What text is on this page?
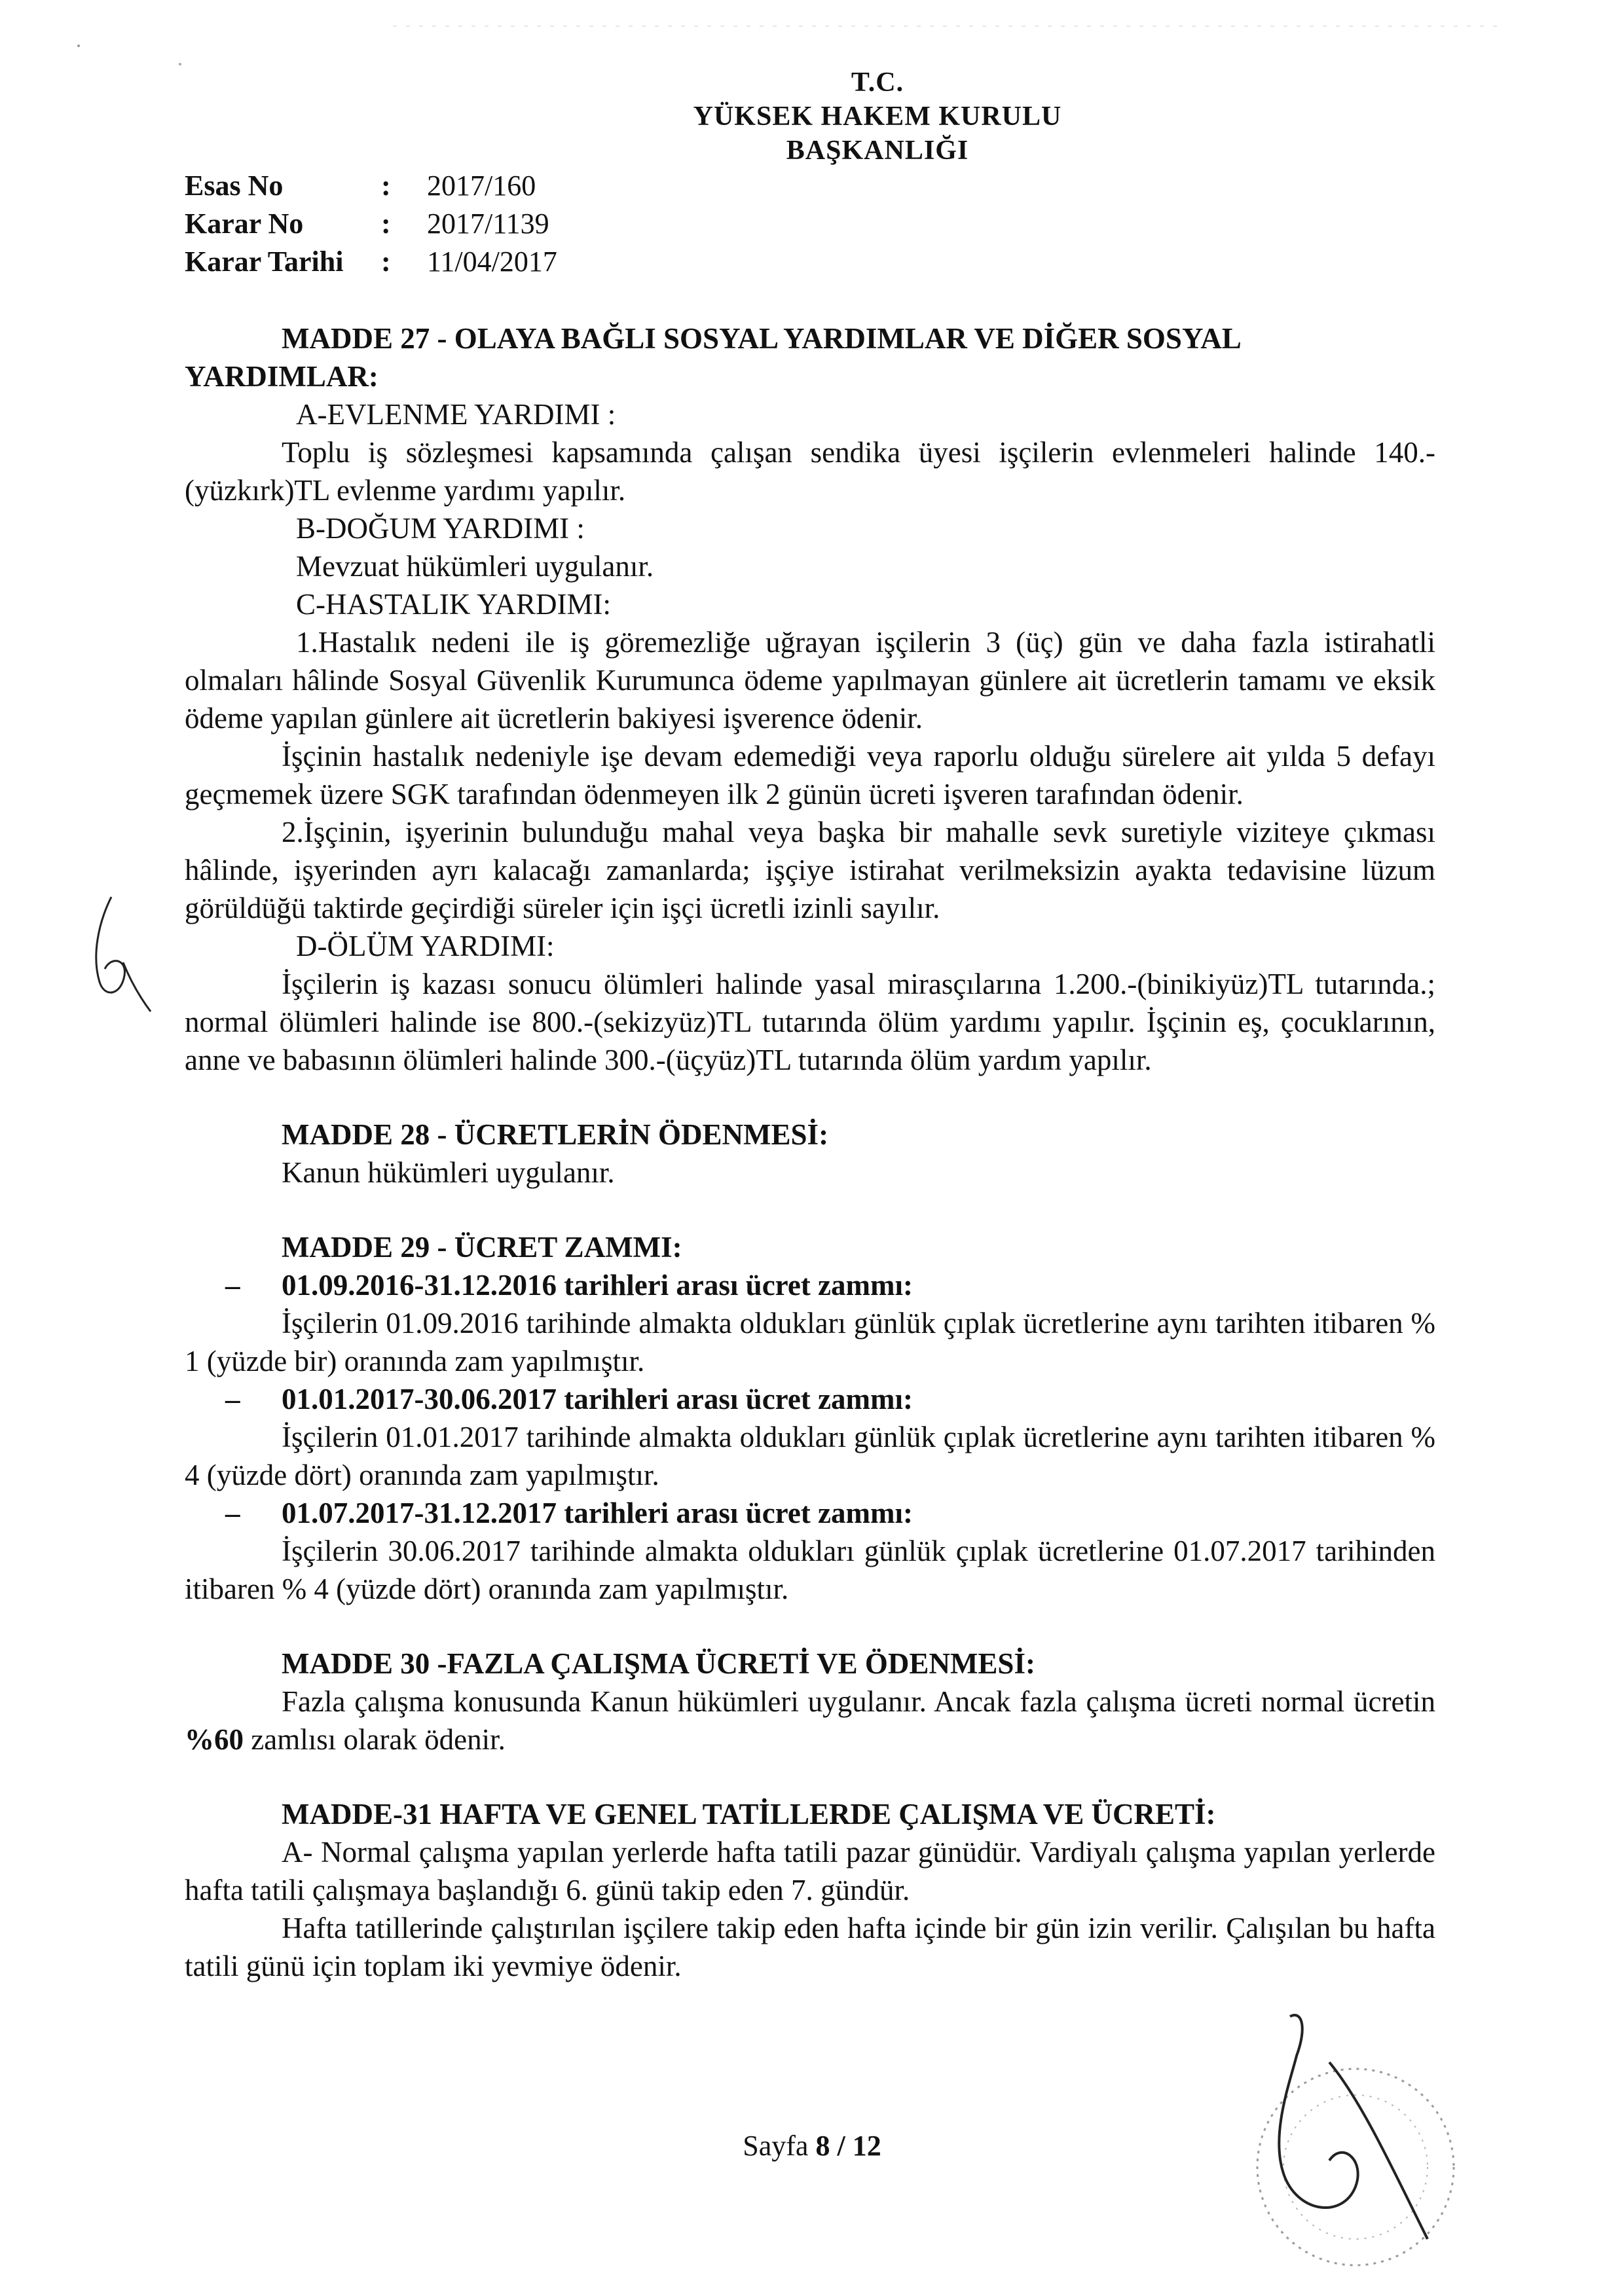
T.C.
YÜKSEK HAKEM KURULU
BAŞKANLIĞI
Esas No	:	2017/160
Karar No	:	2017/1139
Karar Tarihi	:	11/04/2017

MADDE 27 - OLAYA BAĞLI SOSYAL YARDIMLAR VE DİĞER SOSYAL

YARDIMLAR:

A-EVLENME YARDIMI :

Toplu iş sözleşmesi kapsamında çalışan sendika üyesi işçilerin evlenmeleri halinde 140.-(yüzkırk)TL evlenme yardımı yapılır.

B-DOĞUM YARDIMI :

Mevzuat hükümleri uygulanır.

C-HASTALIK YARDIMI:

1.Hastalık nedeni ile iş göremezliğe uğrayan işçilerin 3 (üç) gün ve daha fazla istirahatli olmaları hâlinde Sosyal Güvenlik Kurumunca ödeme yapılmayan günlere ait ücretlerin tamamı ve eksik ödeme yapılan günlere ait ücretlerin bakiyesi işverence ödenir.

İşçinin hastalık nedeniyle işe devam edemediği veya raporlu olduğu sürelere ait yılda 5 defayı geçmemek üzere SGK tarafından ödenmeyen ilk 2 günün ücreti işveren tarafından ödenir.

2.İşçinin, işyerinin bulunduğu mahal veya başka bir mahalle sevk suretiyle viziteye çıkması hâlinde, işyerinden ayrı kalacağı zamanlarda; işçiye istirahat verilmeksizin ayakta tedavisine lüzum görüldüğü taktirde geçirdiği süreler için işçi ücretli izinli sayılır.

D-ÖLÜM YARDIMI:

İşçilerin iş kazası sonucu ölümleri halinde yasal mirasçılarına 1.200.-(binikiyüz)TL tutarında.; normal ölümleri halinde ise 800.-(sekizyüz)TL tutarında ölüm yardımı yapılır. İşçinin eş, çocuklarının, anne ve babasının ölümleri halinde 300.-(üçyüz)TL tutarında ölüm yardım yapılır.

MADDE 28 - ÜCRETLERİN ÖDENMESİ:

Kanun hükümleri uygulanır.

MADDE 29 - ÜCRET ZAMMI:

–	01.09.2016-31.12.2016 tarihleri arası ücret zammı:

İşçilerin 01.09.2016 tarihinde almakta oldukları günlük çıplak ücretlerine aynı tarihten itibaren % 1 (yüzde bir) oranında zam yapılmıştır.

–	01.01.2017-30.06.2017 tarihleri arası ücret zammı:

İşçilerin 01.01.2017 tarihinde almakta oldukları günlük çıplak ücretlerine aynı tarihten itibaren % 4 (yüzde dört) oranında zam yapılmıştır.

–	01.07.2017-31.12.2017 tarihleri arası ücret zammı:

İşçilerin 30.06.2017 tarihinde almakta oldukları günlük çıplak ücretlerine 01.07.2017 tarihinden itibaren % 4 (yüzde dört) oranında zam yapılmıştır.

MADDE 30 -FAZLA ÇALIŞMA ÜCRETİ VE ÖDENMESİ:

Fazla çalışma konusunda Kanun hükümleri uygulanır. Ancak fazla çalışma ücreti normal ücretin %60 zamlısı olarak ödenir.

MADDE-31 HAFTA VE GENEL TATİLLERDE ÇALIŞMA VE ÜCRETİ:

A- Normal çalışma yapılan yerlerde hafta tatili pazar günüdür. Vardiyalı çalışma yapılan yerlerde hafta tatili çalışmaya başlandığı 6. günü takip eden 7. gündür.

Hafta tatillerinde çalıştırılan işçilere takip eden hafta içinde bir gün izin verilir. Çalışılan bu hafta tatili günü için toplam iki yevmiye ödenir.

Sayfa 8 / 12
